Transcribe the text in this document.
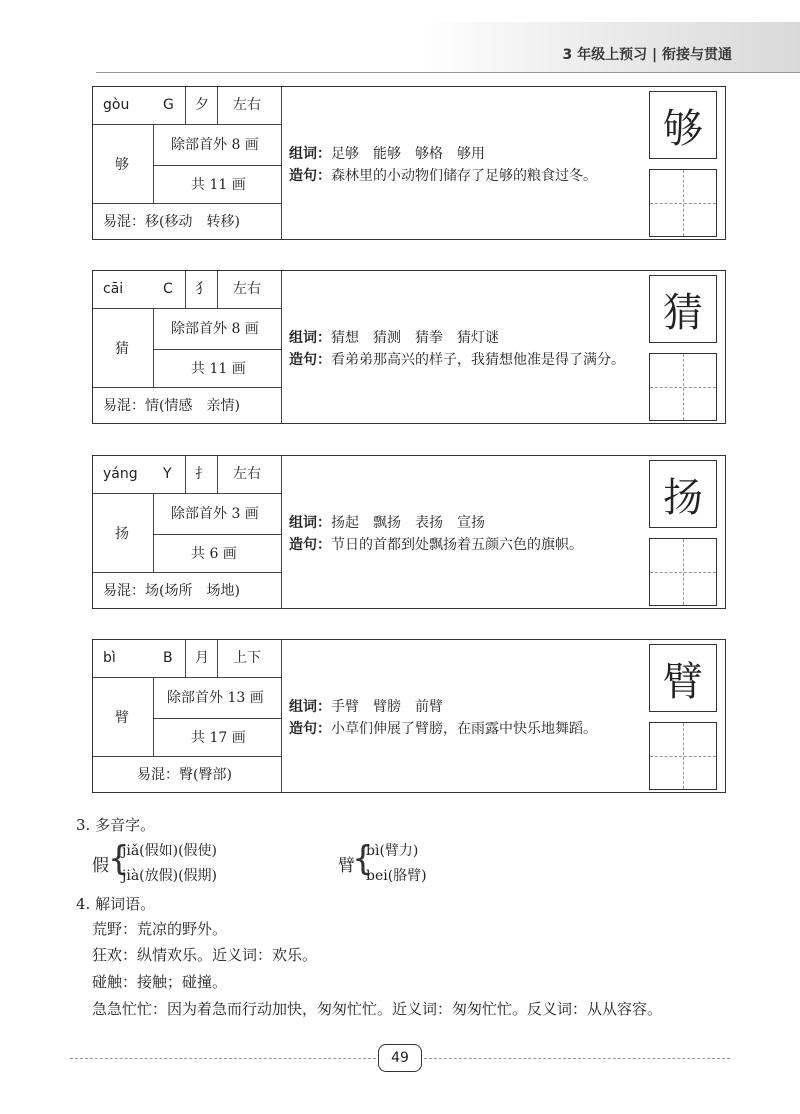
3 年级上预习 | 衔接与贯通
gòu G 夕 左右
够
除部首外 8 画
共 11 画
易混：移(移动　转移)
组词：足够　能够　够格　够用
造句：森林里的小动物们储存了足够的粮食过冬。
够
cāi	C 犭 左右
猜
除部首外 8 画
共 11 画
易混：情(情感　亲情)
组词：猜想　猜测　猜拳　猜灯谜
造句：看弟弟那高兴的样子，我猜想他准是得了满分。
猜
yáng Y 扌 左右
扬
除部首外 3 画
共 6 画
易混：场(场所　场地)
组词：扬起　飘扬　表扬　宣扬
造句：节日的首都到处飘扬着五颜六色的旗帜。
扬
bì	B 月 上下
臂
除部首外 13 画
共 17 画
易混：臀(臀部)
组词：手臂　臂膀　前臂
造句：小草们伸展了臂膀，在雨露中快乐地舞蹈。
臂
3. 多音字。
假 {
jiǎ(假如)(假使)
jià(放假)(假期)	臂
{
bì(臂力)
bei(胳臂)
4. 解词语。
荒野：荒凉的野外。
狂欢：纵情欢乐。近义词：欢乐。
碰触：接触；碰撞。
急急忙忙：因为着急而行动加快，匆匆忙忙。近义词：匆匆忙忙。反义词：从从容容。
49
